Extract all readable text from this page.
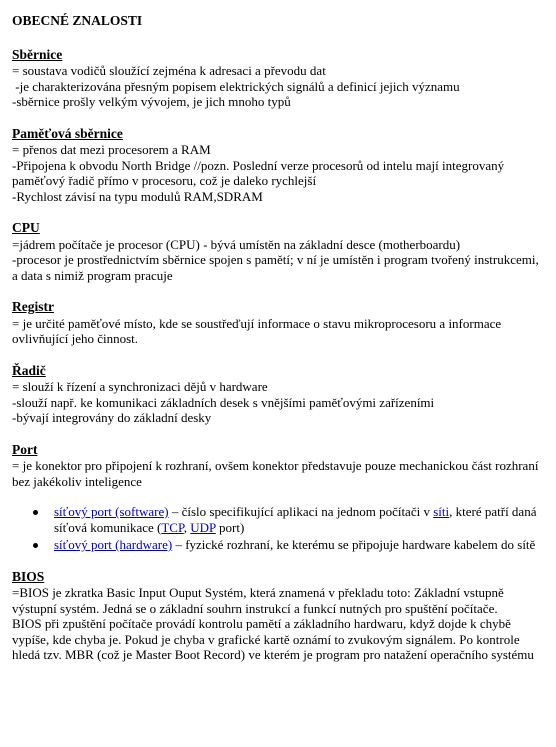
OBECNÉ ZNALOSTI
Sběrnice
= soustava vodičů sloužící zejména k adresaci a převodu dat
-je charakterizována přesným popisem elektrických signálů a definicí jejich významu
-sběrnice prošly velkým vývojem, je jich mnoho typů
Paměťová sběrnice
= přenos dat mezi procesorem a RAM
-Připojena k obvodu North Bridge //pozn. Poslední verze procesorů od intelu mají integrovaný paměťový řadič přímo v procesoru, což je daleko rychlejší
-Rychlost závisí na typu modulů RAM,SDRAM
CPU
=jádrem počítače je procesor (CPU) - bývá umístěn na základní desce (motherboardu)
-procesor je prostřednictvím sběrnice spojen s pamětí; v ní je umístěn i program tvořený instrukcemi, a data s nimiž program pracuje
Registr
= je určité paměťové místo, kde se soustřeďují informace o stavu mikroprocesoru a informace ovlivňující jeho činnost.
Řadič
= slouží k řízení a synchronizaci dějů v hardware
-slouží např. ke komunikaci základních desek s vnějšími paměťovými zařízeními
-bývají integrovány do základní desky
Port
= je konektor pro připojení k rozhraní, ovšem konektor představuje pouze mechanickou část rozhraní bez jakékoliv inteligence
síťový port (software) – číslo specifikující aplikaci na jednom počítači v síti, které patří daná síťová komunikace (TCP, UDP port)
síťový port (hardware) – fyzické rozhraní, ke kterému se připojuje hardware kabelem do sítě
BIOS
=BIOS je zkratka Basic Input Ouput Systém, která znamená v překladu toto: Základní vstupně výstupní systém. Jedná se o základní souhrn instrukcí a funkcí nutných pro spuštění počítače.
BIOS při zpuštění počítače provádí kontrolu pamětí a základního hardwaru, když dojde k chybě vypíše, kde chyba je. Pokud je chyba v grafické kartě oznámí to zvukovým signálem. Po kontrole hledá tzv. MBR (což je Master Boot Record) ve kterém je program pro natažení operačního systému
